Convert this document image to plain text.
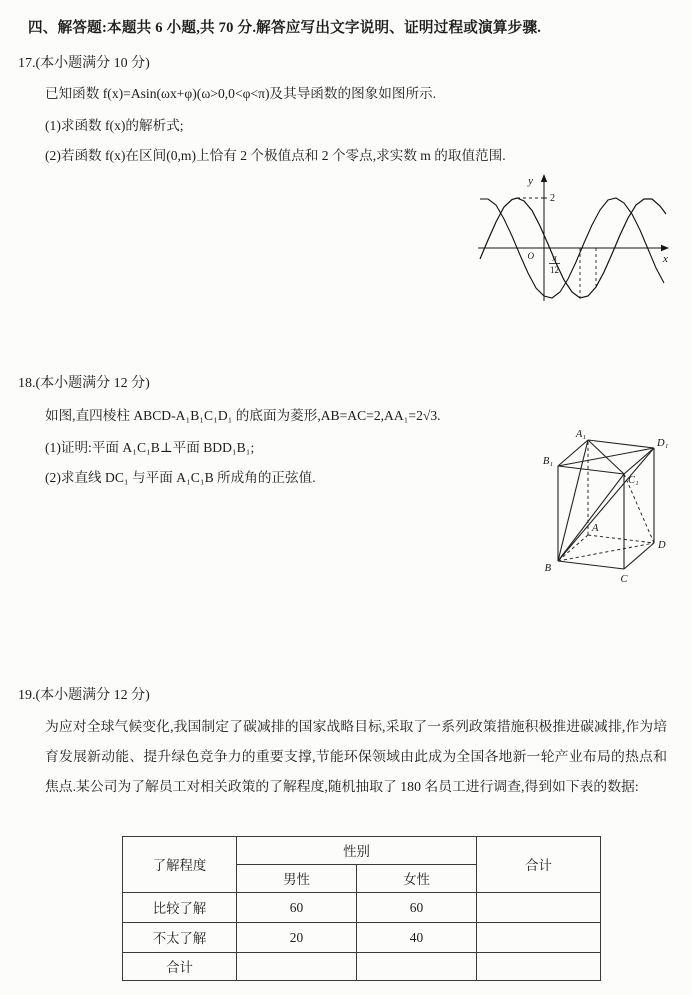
四、解答题:本题共 6 小题,共 70 分.解答应写出文字说明、证明过程或演算步骤.
17.(本小题满分 10 分)
已知函数 f(x)=Asin(ωx+φ)(ω>0,0<φ<π)及其导函数的图象如图所示.
(1)求函数 f(x)的解析式;
(2)若函数 f(x)在区间(0,m)上恰有 2 个极值点和 2 个零点,求实数 m 的取值范围.
y
x
2
O π
12
18.(本小题满分 12 分)
如图,直四棱柱 ABCD-A₁B₁C₁D₁ 的底面为菱形,AB=AC=2,AA₁=2√3.
(1)证明:平面 A₁C₁B⊥平面 BDD₁B₁;
(2)求直线 DC₁ 与平面 A₁C₁B 所成角的正弦值.
A₁
D₁
B₁
C₁
A
B
C
D
19.(本小题满分 12 分)
为应对全球气候变化,我国制定了碳减排的国家战略目标,采取了一系列政策措施积极推进碳减排,作为培育发展新动能、提升绿色竞争力的重要支撑,节能环保领域由此成为全国各地新一轮产业布局的热点和焦点.某公司为了解员工对相关政策的了解程度,随机抽取了 180 名员工进行调查,得到如下表的数据:
了解程度	性别		合计
	男性	女性	
比较了解	60	60	
不太了解	20	40	
合计			
